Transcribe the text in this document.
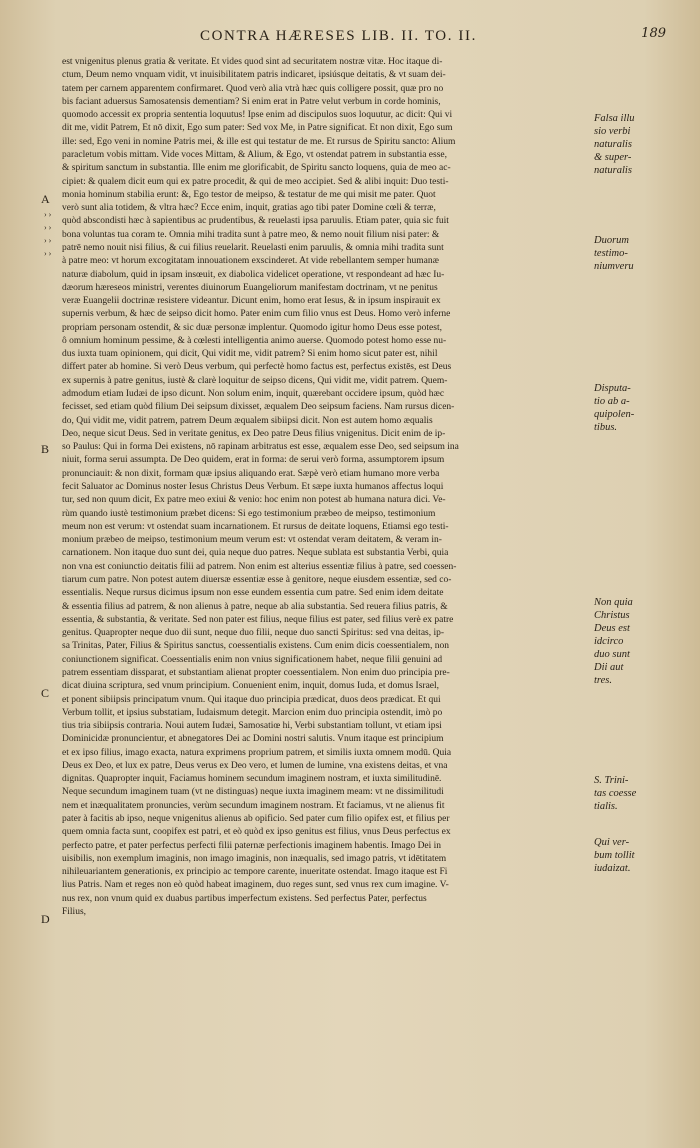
CONTRA HÆRESES LIB. II. TO. II.	189
A
B
C
D
› ›
› ›
› ›
› ›
Falsa illu
sio verbi
naturalis
& super-
naturalis
Duorum
testimo-
niumveru
Disputa-
tio ab a-
quipolen-
tibus.
Non quia
Christus
Deus est
idcirco
duo sunt
Dii aut
tres.
S. Trini-
tas coesse
tialis.
Qui ver-
bum tollit
iudaizat.

est vnigenitus plenus gratia & veritate. Et vides quod sint ad securitatem nostræ vitæ. Hoc itaque di-

ctum, Deum nemo vnquam vidit, vt inuisibilitatem patris indicaret, ipsiúsque deitatis, & vt suam dei-

tatem per carnem apparentem confirmaret. Quod verò alia vtrà hæc quis colligere possit, quæ pro no

bis faciant aduersus Samosatensis dementiam? Si enim erat in Patre velut verbum in corde hominis,

quomodo accessit ex propria sententia loquutus! Ipse enim ad discipulos suos loquutur, ac dicit: Qui vi

dit me, vidit Patrem, Et nō dixit, Ego sum pater: Sed vox Me, in Patre significat. Et non dixit, Ego sum

ille: sed, Ego veni in nomine Patris mei, & ille est qui testatur de me. Et rursus de Spiritu sancto: Alium

paracletum vobis mittam. Vide voces Mittam, & Alium, & Ego, vt ostendat patrem in substantia esse,

& spiritum sanctum in substantia. Ille enim me glorificabit, de Spiritu sancto loquens, quia de meo ac-

cipiet: & qualem dicit eum qui ex patre procedit, & qui de meo accipiet. Sed & alibi inquit: Duo testi-

monia hominum stabilia erunt: &, Ego testor de meipso, & testatur de me qui misit me pater. Quot

verò sunt alia totidem, & vltra hæc? Ecce enim, inquit, gratias ago tibi pater Domine cœli & terræ,

quòd abscondisti hæc à sapientibus ac prudentibus, & reuelasti ipsa paruulis. Etiam pater, quia sic fuit

bona voluntas tua coram te. Omnia mihi tradita sunt à patre meo, & nemo nouit filium nisi pater: &

patrē nemo nouit nisi filius, & cui filius reuelarit. Reuelasti enim paruulis, & omnia mihi tradita sunt

à patre meo: vt horum excogitatam innouationem exscinderet. At vide rebellantem semper humanæ

naturæ diabolum, quid in ipsam insœuit, ex diabolica videlicet operatione, vt respondeant ad hæc Iu-

dæorum hæreseos ministri, verentes diuinorum Euangeliorum manifestam doctrinam, vt ne penitus

veræ Euangelii doctrinæ resistere videantur. Dicunt enim, homo erat Iesus, & in ipsum inspirauit ex

supernis verbum, & hæc de seipso dicit homo. Pater enim cum filio vnus est Deus. Homo verò inferne

propriam personam ostendit, & sic duæ personæ implentur. Quomodo igitur homo Deus esse potest,

ô omnium hominum pessime, & à cœlesti intelligentia animo auerse. Quomodo potest homo esse nu-

dus iuxta tuam opinionem, qui dicit, Qui vidit me, vidit patrem? Si enim homo sicut pater est, nihil

differt pater ab homine. Si verò Deus verbum, qui perfectè homo factus est, perfectus existēs, est Deus

ex supernis à patre genitus, iustè & clarè loquitur de seipso dicens, Qui vidit me, vidit patrem. Quem-

admodum etiam Iudæi de ipso dicunt. Non solum enim, inquit, quærebant occidere ipsum, quòd hæc

fecisset, sed etiam quòd filium Dei seipsum dixisset, æqualem Deo seipsum faciens. Nam rursus dicen-

do, Qui vidit me, vidit patrem, patrem Deum æqualem sibiipsi dicit. Non est autem homo æqualis

Deo, neque sicut Deus. Sed in veritate genitus, ex Deo patre Deus filius vnigenitus. Dicit enim de ip-

so Paulus: Qui in forma Dei existens, nō rapinam arbitratus est esse, æqualem esse Deo, sed seipsum ina

niuit, forma serui assumpta. De Deo quidem, erat in forma: de serui verò forma, assumptorem ipsum

pronunciauit: & non dixit, formam quæ ipsius aliquando erat. Sæpè verò etiam humano more verba

fecit Saluator ac Dominus noster Iesus Christus Deus Verbum. Et sæpe iuxta humanos affectus loqui

tur, sed non quum dicit, Ex patre meo exiui & venio: hoc enim non potest ab humana natura dici. Ve-

rùm quando iustè testimonium præbet dicens: Si ego testimonium præbeo de meipso, testimonium

meum non est verum: vt ostendat suam incarnationem. Et rursus de deitate loquens, Etiamsi ego testi-

monium præbeo de meipso, testimonium meum verum est: vt ostendat veram deitatem, & veram in-

carnationem. Non itaque duo sunt dei, quia neque duo patres. Neque sublata est substantia Verbi, quia

non vna est coniunctio deitatis filii ad patrem. Non enim est alterius essentiæ filius à patre, sed coessen-

tiarum cum patre. Non potest autem diuersæ essentiæ esse à genitore, neque eiusdem essentiæ, sed co-

essentialis. Neque rursus dicimus ipsum non esse eundem essentia cum patre. Sed enim idem deitate

& essentia filius ad patrem, & non alienus à patre, neque ab alia substantia. Sed reuera filius patris, &

essentia, & substantia, & veritate. Sed non pater est filius, neque filius est pater, sed filius verè ex patre

genitus. Quapropter neque duo dii sunt, neque duo filii, neque duo sancti Spiritus: sed vna deitas, ip-

sa Trinitas, Pater, Filius & Spiritus sanctus, coessentialis existens. Cum enim dicis coessentialem, non

coniunctionem significat. Coessentialis enim non vnius significationem habet, neque filii genuini ad

patrem essentiam dissparat, et substantiam alienat propter coessentialem. Non enim duo principia pre-

dicat diuina scriptura, sed vnum principium. Conuenient enim, inquit, domus Iuda, et domus Israel,

et ponent sibiipsis principatum vnum. Qui itaque duo principia prædicat, duos deos prædicat. Et qui

Verbum tollit, et ipsius substatiam, Iudaismum detegit. Marcion enim duo principia ostendit, imò po

tius tria sibiipsis contraria. Noui autem Iudæi, Samosatiœ hi, Verbi substantiam tollunt, vt etiam ipsi

Dominicidæ pronuncientur, et abnegatores Dei ac Domini nostri salutis. Vnum itaque est principium

et ex ipso filius, imago exacta, natura exprimens proprium patrem, et similis iuxta omnem modū. Quia

Deus ex Deo, et lux ex patre, Deus verus ex Deo vero, et lumen de lumine, vna existens deitas, et vna

dignitas. Quapropter inquit, Faciamus hominem secundum imaginem nostram, et iuxta similitudinē.

Neque secundum imaginem tuam (vt ne distinguas) neque iuxta imaginem meam: vt ne dissimilitudi

nem et inæqualitatem pronuncies, verùm secundum imaginem nostram. Et faciamus, vt ne alienus fit

pater à facitis ab ipso, neque vnigenitus alienus ab opificio. Sed pater cum filio opifex est, et filius per

quem omnia facta sunt, coopifex est patri, et eò quòd ex ipso genitus est filius, vnus Deus perfectus ex

perfecto patre, et pater perfectus perfecti filii paternæ perfectionis imaginem habentis. Imago Dei in

uisibilis, non exemplum imaginis, non imago imaginis, non inæqualis, sed imago patris, vt idētitatem

nihileuariantem generationis, ex principio ac tempore carente, inueritate ostendat. Imago itaque est Fi

lius Patris. Nam et reges non eò quòd habeat imaginem, duo reges sunt, sed vnus rex cum imagine. V-

nus rex, non vnum quid ex duabus partibus imperfectum existens. Sed perfectus Pater, perfectus

Filius,
